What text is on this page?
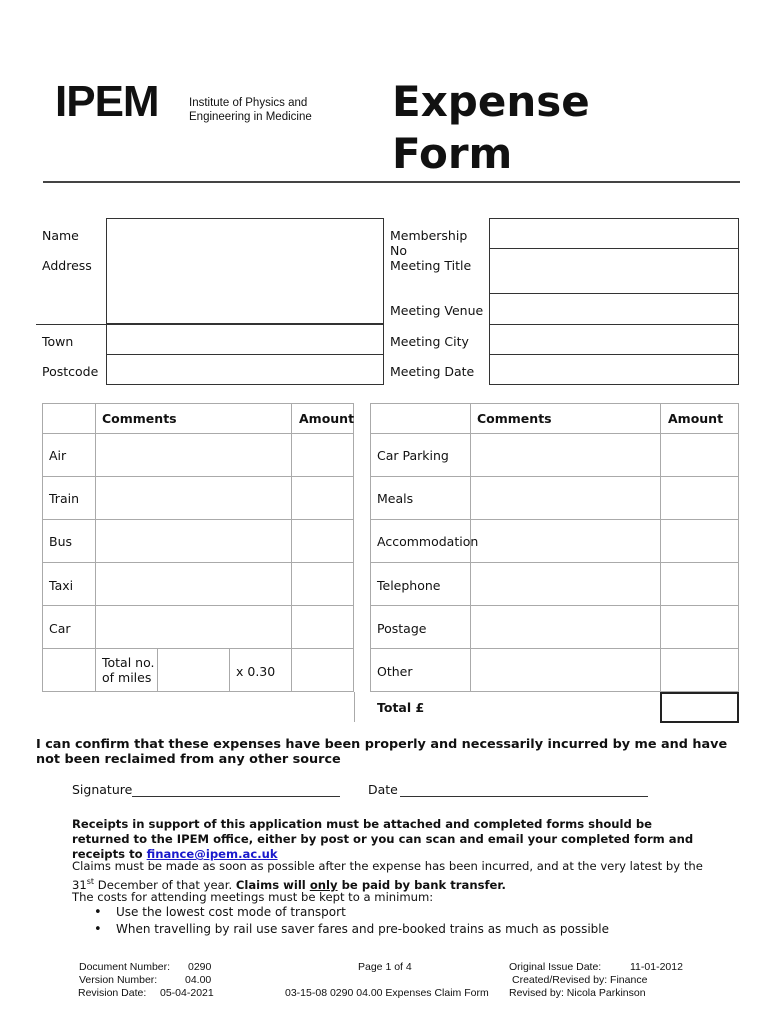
IPEM	Institute of Physics and
Engineering in Medicine Expense
Form
Name	Membership No
Address	Meeting Title
Meeting Venue
Town	Meeting City
Postcode	Meeting Date
Comments	Amount
Air
Train
Bus
Taxi
Car
Total no. of miles	x 0.30
Comments	Amount
Car Parking
Meals
Accommodation
Telephone
Postage
Other
Total £
I can confirm that these expenses have been properly and necessarily incurred by me and have not been reclaimed from any other source
Signature	Date
Receipts in support of this application must be attached and completed forms should be returned to the IPEM office, either by post or you can scan and email your completed form and receipts to finance@ipem.ac.uk
Claims must be made as soon as possible after the expense has been incurred, and at the very latest by the 31st December of that year. Claims will only be paid by bank transfer.
The costs for attending meetings must be kept to a minimum:
• Use the lowest cost mode of transport
• When travelling by rail use saver fares and pre-booked trains as much as possible
Document Number: 0290
Version Number:	04.00
Revision Date: 05-04-2021
Page 1 of 4
03-15-08 0290 04.00 Expenses Claim Form
Original Issue Date:	11-01-2012
Created/Revised by: Finance
Revised by: Nicola Parkinson
